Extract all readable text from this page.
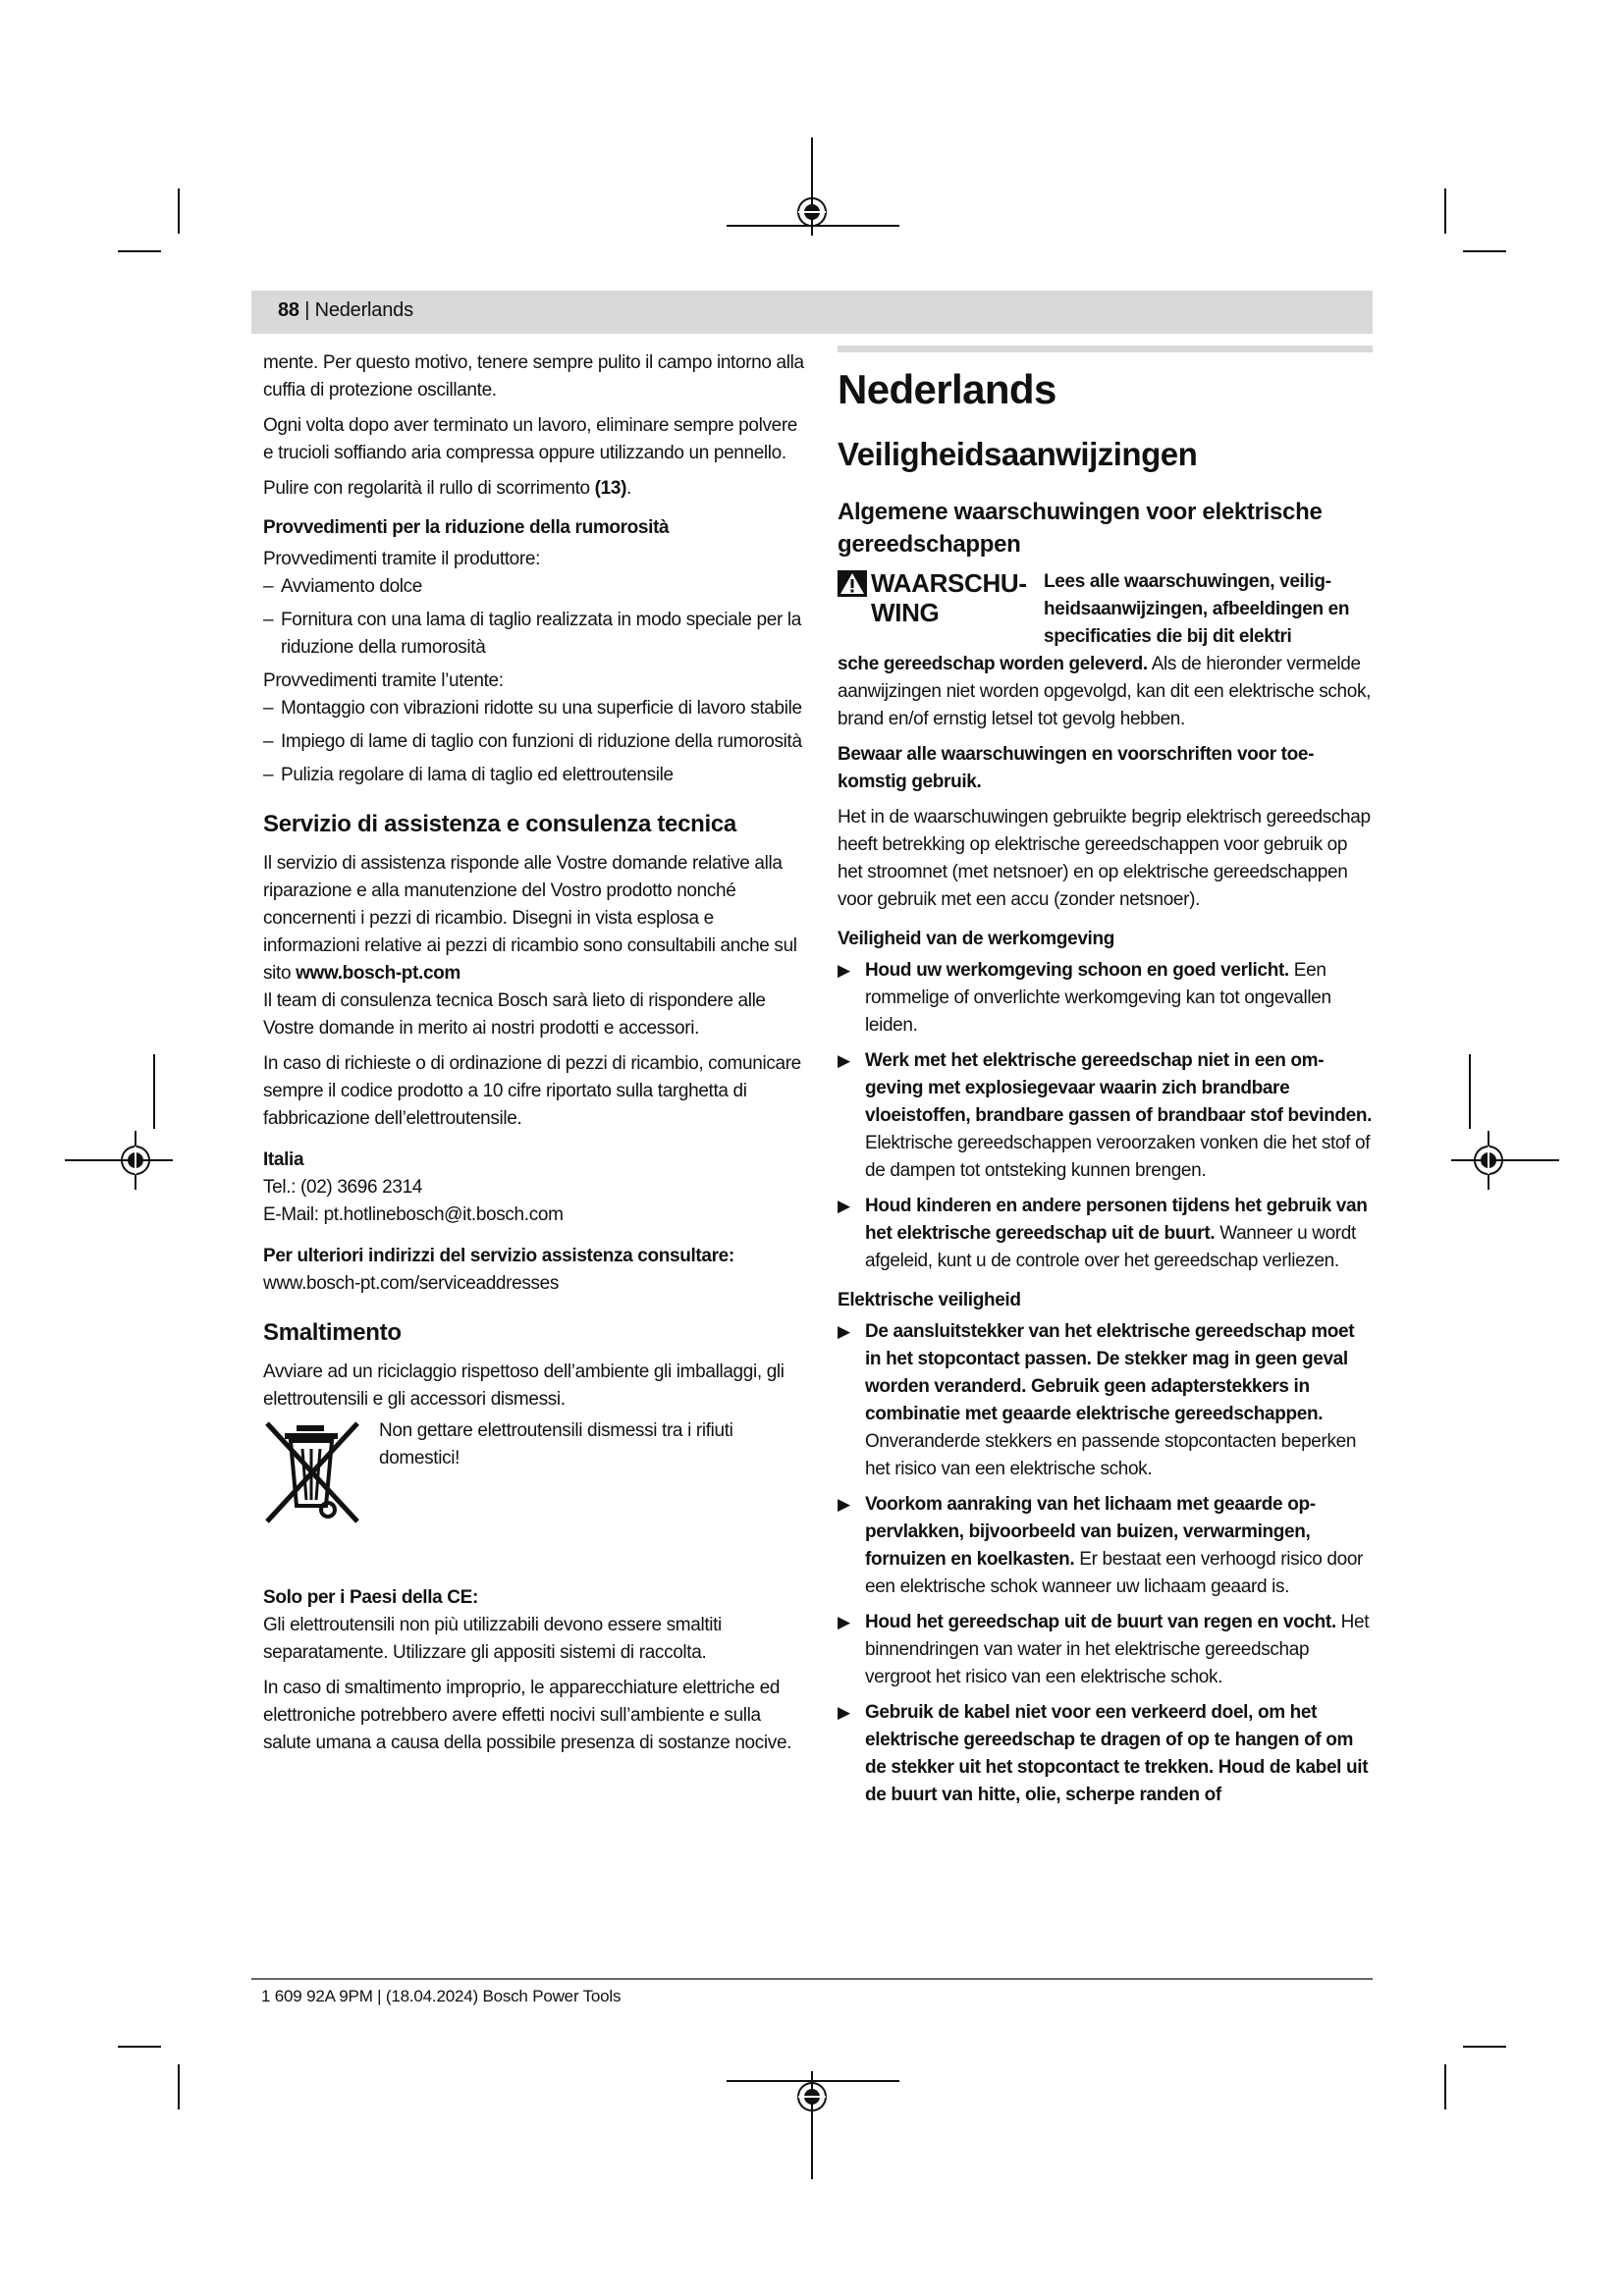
88 | Nederlands

mente. Per questo motivo, tenere sempre pulito il campo intorno alla cuffia di protezione oscillante.

Ogni volta dopo aver terminato un lavoro, eliminare sempre polvere e trucioli soffiando aria compressa oppure utilizzando un pennello.

Pulire con regolarità il rullo di scorrimento (13).

Provvedimenti per la riduzione della rumorosità

Provvedimenti tramite il produttore:

– Avviamento dolce
– Fornitura con una lama di taglio realizzata in modo speciale per la riduzione della rumorosità

Provvedimenti tramite l’utente:

– Montaggio con vibrazioni ridotte su una superficie di lavoro stabile
– Impiego di lame di taglio con funzioni di riduzione della rumorosità
– Pulizia regolare di lama di taglio ed elettroutensile
Servizio di assistenza e consulenza tecnica

Il servizio di assistenza risponde alle Vostre domande relative alla riparazione e alla manutenzione del Vostro prodotto nonché concernenti i pezzi di ricambio. Disegni in vista esplosa e informazioni relative ai pezzi di ricambio sono consultabili anche sul sito www.bosch-pt.com

Il team di consulenza tecnica Bosch sarà lieto di rispondere alle Vostre domande in merito ai nostri prodotti e accessori.

In caso di richieste o di ordinazione di pezzi di ricambio, comunicare sempre il codice prodotto a 10 cifre riportato sulla targhetta di fabbricazione dell’elettroutensile.

Italia

Tel.: (02) 3696 2314

E-Mail: pt.hotlinebosch@it.bosch.com

Per ulteriori indirizzi del servizio assistenza consultare:

www.bosch-pt.com/serviceaddresses

Smaltimento

Avviare ad un riciclaggio rispettoso dell’ambiente gli imballaggi, gli elettroutensili e gli accessori dismessi.

Non gettare elettroutensili dismessi tra i rifiuti domestici!
Solo per i Paesi della CE:

Gli elettroutensili non più utilizzabili devono essere smaltiti separatamente. Utilizzare gli appositi sistemi di raccolta.

In caso di smaltimento improprio, le apparecchiature elettriche ed elettroniche potrebbero avere effetti nocivi sull’ambiente e sulla salute umana a causa della possibile presenza di sostanze nocive.

Nederlands
Veiligheidsaanwijzingen
Algemene waarschuwingen voor elektrische gereedschappen
WAARSCHUWING
Lees alle waarschuwingen, veiligheidsaanwijzingen, afbeeldingen en specificaties die bij dit elektri

sche gereedschap worden geleverd. Als de hieronder vermelde aanwijzingen niet worden opgevolgd, kan dit een elektrische schok, brand en/of ernstig letsel tot gevolg hebben.

Bewaar alle waarschuwingen en voorschriften voor toekomstig gebruik.

Het in de waarschuwingen gebruikte begrip elektrisch gereedschap heeft betrekking op elektrische gereedschappen voor gebruik op het stroomnet (met netsnoer) en op elektrische gereedschappen voor gebruik met een accu (zonder netsnoer).

Veiligheid van de werkomgeving
▶ Houd uw werkomgeving schoon en goed verlicht. Een rommelige of onverlichte werkomgeving kan tot ongevallen leiden.
▶ Werk met het elektrische gereedschap niet in een omgeving met explosiegevaar waarin zich brandbare vloeistoffen, brandbare gassen of brandbaar stof bevinden. Elektrische gereedschappen veroorzaken vonken die het stof of de dampen tot ontsteking kunnen brengen.
▶ Houd kinderen en andere personen tijdens het gebruik van het elektrische gereedschap uit de buurt. Wanneer u wordt afgeleid, kunt u de controle over het gereedschap verliezen.
Elektrische veiligheid
▶ De aansluitstekker van het elektrische gereedschap moet in het stopcontact passen. De stekker mag in geen geval worden veranderd. Gebruik geen adapterstekkers in combinatie met geaarde elektrische gereedschappen. Onveranderde stekkers en passende stopcontacten beperken het risico van een elektrische schok.
▶ Voorkom aanraking van het lichaam met geaarde oppervlakken, bijvoorbeeld van buizen, verwarmingen, fornuizen en koelkasten. Er bestaat een verhoogd risico door een elektrische schok wanneer uw lichaam geaard is.
▶ Houd het gereedschap uit de buurt van regen en vocht. Het binnendringen van water in het elektrische gereedschap vergroot het risico van een elektrische schok.
▶ Gebruik de kabel niet voor een verkeerd doel, om het elektrische gereedschap te dragen of op te hangen of om de stekker uit het stopcontact te trekken. Houd de kabel uit de buurt van hitte, olie, scherpe randen of
1 609 92A 9PM | (18.04.2024) Bosch Power Tools
